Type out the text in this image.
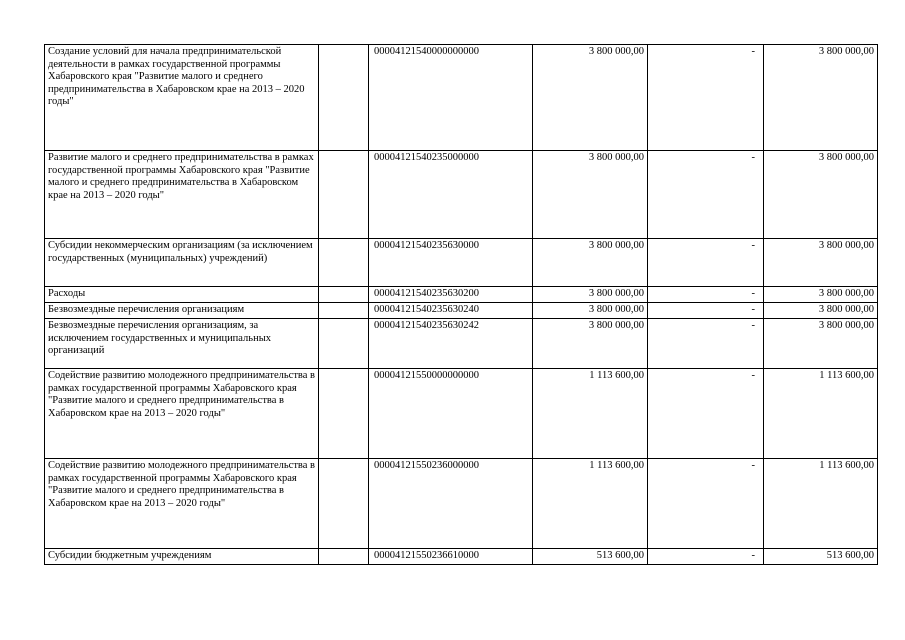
Создание условий для начала предпринимательской деятельности в рамках государственной программы Хабаровского края "Развитие малого и среднего предпринимательства в Хабаровском крае на 2013 – 2020 годы"		00004121540000000000	3 800 000,00	-	3 800 000,00
Развитие малого и среднего предпринимательства в рамках государственной программы Хабаровского края "Развитие малого и среднего предпринимательства в Хабаровском крае на 2013 – 2020 годы"		00004121540235000000	3 800 000,00	-	3 800 000,00
Субсидии некоммерческим организациям (за исключением государственных (муниципальных) учреждений)		00004121540235630000	3 800 000,00	-	3 800 000,00
Расходы		00004121540235630200	3 800 000,00	-	3 800 000,00
Безвозмездные перечисления организациям		00004121540235630240	3 800 000,00	-	3 800 000,00
Безвозмездные перечисления организациям, за исключением государственных и муниципальных организаций		00004121540235630242	3 800 000,00	-	3 800 000,00
Содействие развитию молодежного предпринимательства в рамках государственной программы Хабаровского края "Развитие малого и среднего предпринимательства в Хабаровском крае на 2013 – 2020 годы"		00004121550000000000	1 113 600,00	-	1 113 600,00
Содействие развитию молодежного предпринимательства в рамках государственной программы Хабаровского края "Развитие малого и среднего предпринимательства в Хабаровском крае на 2013 – 2020 годы"		00004121550236000000	1 113 600,00	-	1 113 600,00
Субсидии бюджетным учреждениям		00004121550236610000	513 600,00	-	513 600,00
